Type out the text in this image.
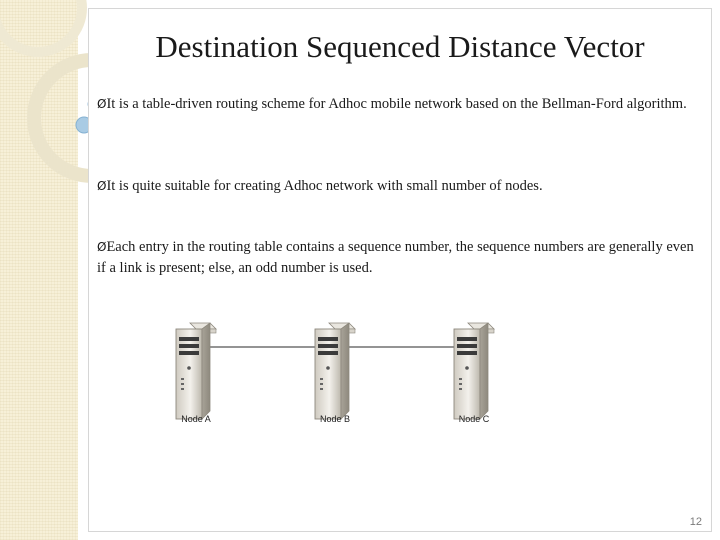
Destination Sequenced Distance Vector
ØIt is a table-driven routing scheme for Adhoc mobile network based on the Bellman-Ford algorithm.
ØIt is quite suitable for creating Adhoc network with small number of nodes.
ØEach entry in the routing table contains a sequence number, the sequence numbers are generally even if a link is present; else, an odd number is used.
Node A	Node B	Node C
12
